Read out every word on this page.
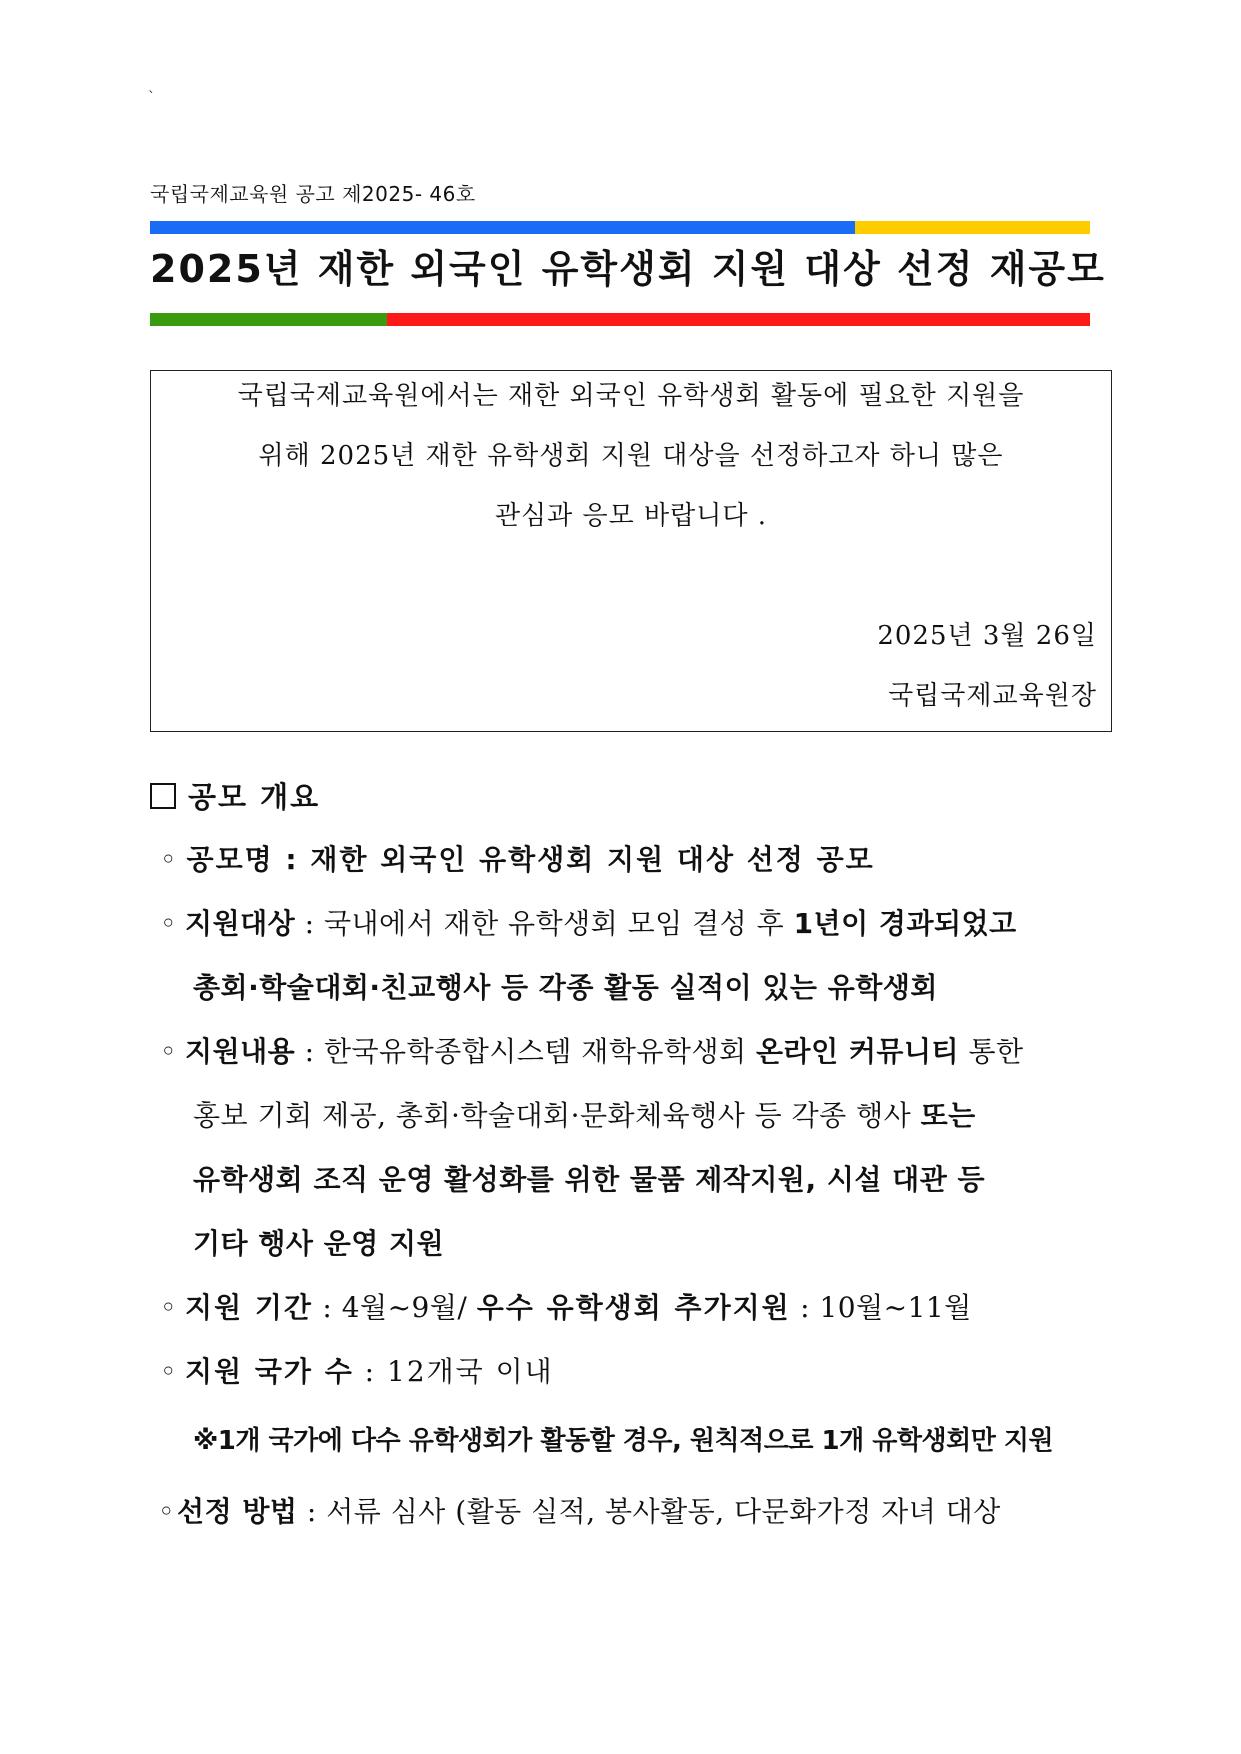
`
국립국제교육원 공고 제2025- 46호
2025년 재한 외국인 유학생회 지원 대상 선정 재공모
국립국제교육원에서는 재한 외국인 유학생회 활동에 필요한 지원을
위해 2025년 재한 유학생회 지원 대상을 선정하고자 하니 많은
관심과 응모 바랍니다 .
2025년 3월 26일
국립국제교육원장
공모 개요
◦ 공모명 : 재한 외국인 유학생회 지원 대상 선정 공모
◦ 지원대상 : 국내에서 재한 유학생회 모임 결성 후 1년이 경과되었고
총회·학술대회·친교행사 등 각종 활동 실적이 있는 유학생회
◦ 지원내용 : 한국유학종합시스템 재학유학생회 온라인 커뮤니티 통한
홍보 기회 제공, 총회·학술대회·문화체육행사 등 각종 행사 또는
유학생회 조직 운영 활성화를 위한 물품 제작지원, 시설 대관 등
기타 행사 운영 지원
◦ 지원 기간 : 4월~9월/ 우수 유학생회 추가지원 : 10월~11월
◦ 지원 국가 수 : 12개국 이내
※1개 국가에 다수 유학생회가 활동할 경우, 원칙적으로 1개 유학생회만 지원
◦선정 방법 : 서류 심사 (활동 실적, 봉사활동, 다문화가정 자녀 대상
